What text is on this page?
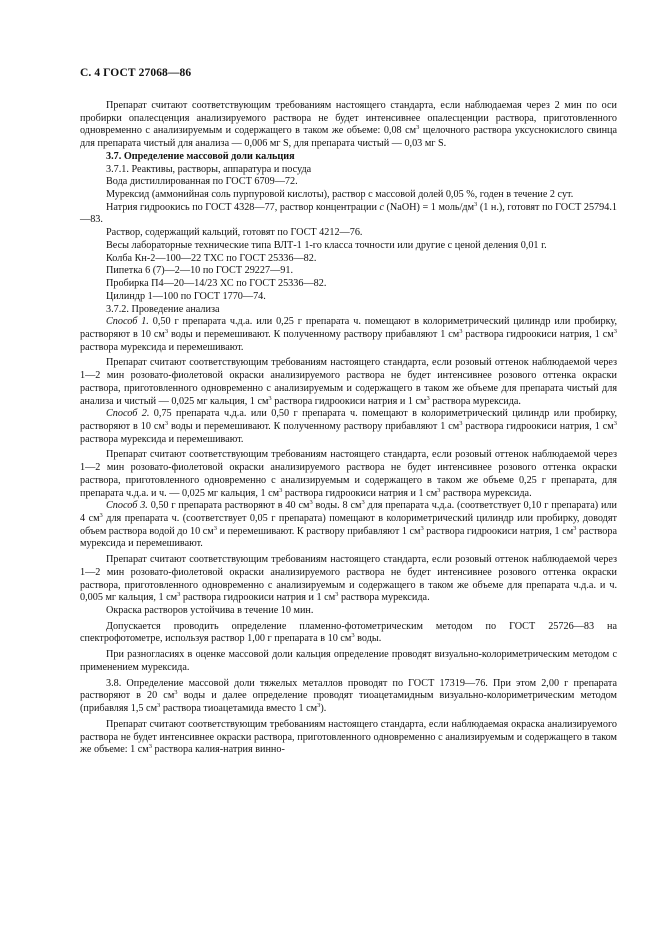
С. 4 ГОСТ 27068—86

Препарат считают соответствующим требованиям настоящего стандарта, если наблюдаемая через 2 мин по оси пробирки опалесценция анализируемого раствора не будет интенсивнее опалесценции раствора, приготовленного одновременно с анализируемым и содержащего в таком же объеме: 0,08 $см^3$ щелочного раствора уксуснокислого свинца для препарата чистый для анализа — 0,006 мг S, для препарата чистый — 0,03 мг S.

3.7. Определение массовой доли кальция

3.7.1. Реактивы, растворы, аппаратура и посуда

Вода дистиллированная по ГОСТ 6709—72.

Мурексид (аммонийная соль пурпуровой кислоты), раствор с массовой долей 0,05 %, годен в течение 2 сут.

Натрия гидроокись по ГОСТ 4328—77, раствор концентрации с (NaOH) = 1 моль/$дм^3$ (1 н.), готовят по ГОСТ 25794.1—83.

Раствор, содержащий кальций, готовят по ГОСТ 4212—76.

Весы лабораторные технические типа ВЛТ-1 1-го класса точности или другие с ценой деления 0,01 г.

Колба Кн-2—100—22 ТХС по ГОСТ 25336—82.

Пипетка 6 (7)—2—10 по ГОСТ 29227—91.

Пробирка П4—20—14/23 ХС по ГОСТ 25336—82.

Цилиндр 1—100 по ГОСТ 1770—74.

3.7.2. Проведение анализа

Способ 1. 0,50 г препарата ч.д.а. или 0,25 г препарата ч. помещают в колориметрический цилиндр или пробирку, растворяют в 10 $см^3$ воды и перемешивают. К полученному раствору прибавляют 1 $см^3$ раствора гидроокиси натрия, 1 $см^3$ раствора мурексида и перемешивают.

Препарат считают соответствующим требованиям настоящего стандарта, если розовый оттенок наблюдаемой через 1—2 мин розовато-фиолетовой окраски анализируемого раствора не будет интенсивнее розового оттенка окраски раствора, приготовленного одновременно с анализируемым и содержащего в таком же объеме для препарата чистый для анализа и чистый — 0,025 мг кальция, 1 $см^3$ раствора гидроокиси натрия и 1 $см^3$ раствора мурексида.

Способ 2. 0,75 препарата ч.д.а. или 0,50 г препарата ч. помещают в колориметрический цилиндр или пробирку, растворяют в 10 $см^3$ воды и перемешивают. К полученному раствору прибавляют 1 $см^3$ раствора гидроокиси натрия, 1 $см^3$ раствора мурексида и перемешивают.

Препарат считают соответствующим требованиям настоящего стандарта, если розовый оттенок наблюдаемой через 1—2 мин розовато-фиолетовой окраски анализируемого раствора не будет интенсивнее розового оттенка окраски раствора, приготовленного одновременно с анализируемым и содержащего в таком же объеме 0,25 г препарата, для препарата ч.д.а. и ч. — 0,025 мг кальция, 1 $см^3$ раствора гидроокиси натрия и 1 $см^3$ раствора мурексида.

Способ 3. 0,50 г препарата растворяют в 40 $см^3$ воды. 8 $см^3$ для препарата ч.д.а. (соответствует 0,10 г препарата) или 4 $см^3$ для препарата ч. (соответствует 0,05 г препарата) помещают в колориметрический цилиндр или пробирку, доводят объем раствора водой до 10 $см^3$ и перемешивают. К раствору прибавляют 1 $см^3$ раствора гидроокиси натрия, 1 $см^3$ раствора мурексида и перемешивают.

Препарат считают соответствующим требованиям настоящего стандарта, если розовый оттенок наблюдаемой через 1—2 мин розовато-фиолетовой окраски анализируемого раствора не будет интенсивнее розового оттенка окраски раствора, приготовленного одновременно с анализируемым и содержащего в таком же объеме для препарата ч.д.а. и ч. 0,005 мг кальция, 1 $см^3$ раствора гидроокиси натрия и 1 $см^3$ раствора мурексида.

Окраска растворов устойчива в течение 10 мин.

Допускается проводить определение пламенно-фотометрическим методом по ГОСТ 25726—83 на спектрофотометре, используя раствор 1,00 г препарата в 10 $см^3$ воды.

При разногласиях в оценке массовой доли кальция определение проводят визуально-колориметрическим методом с применением мурексида.

3.8. Определение массовой доли тяжелых металлов проводят по ГОСТ 17319—76. При этом 2,00 г препарата растворяют в 20 $см^3$ воды и далее определение проводят тиоацетамидным визуально-колориметрическим методом (прибавляя 1,5 $см^3$ раствора тиоацетамида вместо 1 $см^3$).

Препарат считают соответствующим требованиям настоящего стандарта, если наблюдаемая окраска анализируемого раствора не будет интенсивнее окраски раствора, приготовленного одновременно с анализируемым и содержащего в таком же объеме: 1 $см^3$ раствора калия-натрия винно-
